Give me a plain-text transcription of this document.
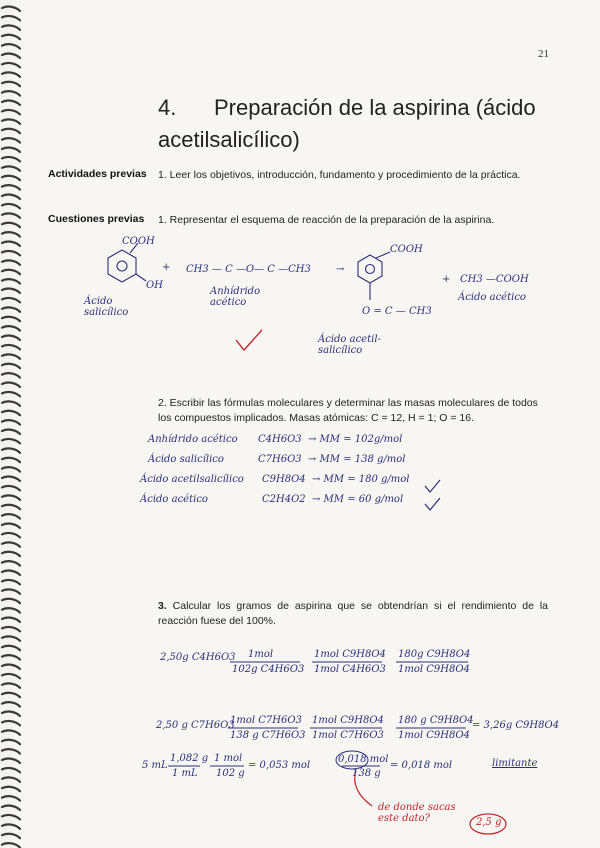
21
4. Preparación de la aspirina (ácido acetilsalicílico)
Actividades previas 1. Leer los objetivos, introducción, fundamento y procedimiento de la práctica.
Cuestiones previas 1. Representar el esquema de reacción de la preparación de la aspirina.
2. Escribir las fórmulas moleculares y determinar las masas moleculares de todos los compuestos implicados. Masas atómicas: C = 12, H = 1; O = 16.
3. Calcular los gramos de aspirina que se obtendrían si el rendimiento de la reacción fuese del 100%.
COOH
OH
+ CH3 — C —O— C —CH3	→
COOH
+ CH3 —COOH
Ácido salicílico
Anhídrido acético	Ácido acético
O = C — CH3
Ácido acetil-salicílico
Anhídrido acético C4H6O3 → MM = 102g/mol
Ácido salicílico	C7H6O3 → MM = 138 g/mol
Ácido acetilsalicílico C9H8O4 → MM = 180 g/mol
Ácido acético	C2H4O2 → MM = 60 g/mol
2,50g C4H6O3 1mol
102g C4H6O3
1mol C9H8O4
1mol C4H6O3
180g C9H8O4
1mol C9H8O4
2,50 g C7H6O3
1mol C7H6O3
138 g C7H6O3
1mol C9H8O4
1mol C7H6O3
180 g C9H8O4
1mol C9H8O4
= 3,26g C9H8O4
5 mL
1,082 g
1 mL
1 mol
102 g
= 0,053 mol
0,018 mol
138 g
= 0,018 mol	limitante
de donde sacas este dato?	2,5 g
